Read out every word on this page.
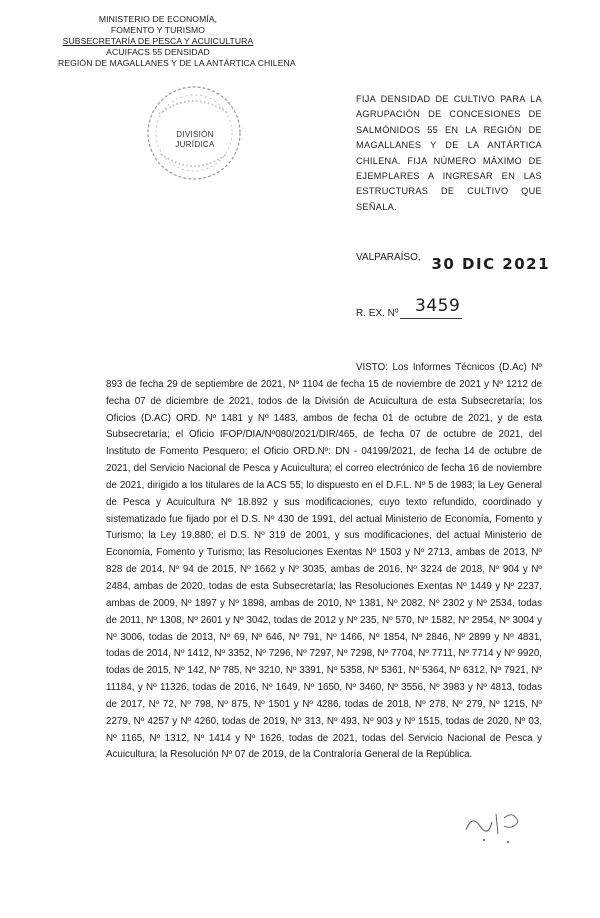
MINISTERIO DE ECONOMÍA,
FOMENTO Y TURISMO
SUBSECRETARÍA DE PESCA Y ACUICULTURA
ACUIFACS 55 DENSIDAD
REGIÓN DE MAGALLANES Y DE LA ANTÁRTICA CHILENA
DIVISIÓN
JURÍDICA
FIJA DENSIDAD DE CULTIVO PARA LA AGRUPACIÓN DE CONCESIONES DE SALMÓNIDOS 55 EN LA REGIÓN DE MAGALLANES Y DE LA ANTÁRTICA CHILENA. FIJA NÚMERO MÁXIMO DE EJEMPLARES A INGRESAR EN LAS ESTRUCTURAS DE CULTIVO QUE SEÑALA.
VALPARAÍSO, 30 DIC 2021
R. EX. Nº 3459

VISTO: Los Informes Técnicos (D.Ac) Nº 893 de fecha 29 de septiembre de 2021, Nº 1104 de fecha 15 de noviembre de 2021 y Nº 1212 de fecha 07 de diciembre de 2021, todos de la División de Acuicultura de esta Subsecretaría; los Oficios (D.AC) ORD. Nº 1481 y Nº 1483, ambos de fecha 01 de octubre de 2021, y de esta Subsecretaría; el Oficio IFOP/DIA/Nº080/2021/DIR/465, de fecha 07 de octubre de 2021, del Instituto de Fomento Pesquero; el Oficio ORD.Nº: DN - 04199/2021, de fecha 14 de octubre de 2021, del Servicio Nacional de Pesca y Acuicultura; el correo electrónico de fecha 16 de noviembre de 2021, dirigido a los titulares de la ACS 55; lo dispuesto en el D.F.L. Nº 5 de 1983; la Ley General de Pesca y Acuicultura Nº 18.892 y sus modificaciones, cuyo texto refundido, coordinado y sistematizado fue fijado por el D.S. Nº 430 de 1991, del actual Ministerio de Economía, Fomento y Turismo; la Ley 19.880; el D.S. Nº 319 de 2001, y sus modificaciones, del actual Ministerio de Economía, Fomento y Turismo; las Resoluciones Exentas Nº 1503 y Nº 2713, ambas de 2013, Nº 828 de 2014, Nº 94 de 2015, Nº 1662 y Nº 3035, ambas de 2016, Nº 3224 de 2018, Nº 904 y Nº 2484, ambas de 2020, todas de esta Subsecretaría; las Resoluciones Exentas Nº 1449 y Nº 2237, ambas de 2009, Nº 1897 y Nº 1898, ambas de 2010, Nº 1381, Nº 2082, Nº 2302 y Nº 2534, todas de 2011, Nº 1308, Nº 2601 y Nº 3042, todas de 2012 y Nº 235, Nº 570, Nº 1582, Nº 2954, Nº 3004 y Nº 3006, todas de 2013, Nº 69, Nº 646, Nº 791, Nº 1466, Nº 1854, Nº 2846, Nº 2899 y Nº 4831, todas de 2014, Nº 1412, Nº 3352, Nº 7296, Nº 7297, Nº 7298, Nº 7704, Nº 7711, Nº 7714 y Nº 9920, todas de 2015, Nº 142, Nº 785, Nº 3210, Nº 3391, Nº 5358, Nº 5361, Nº 5364, Nº 6312, Nº 7921, Nº 11184, y Nº 11326, todas de 2016, Nº 1649, Nº 1650, Nº 3460, Nº 3556, Nº 3983 y Nº 4813, todas de 2017, Nº 72, Nº 798, Nº 875, Nº 1501 y Nº 4286, todas de 2018, Nº 278, Nº 279, Nº 1215, Nº 2279, Nº 4257 y Nº 4260, todas de 2019, Nº 313, Nº 493, Nº 903 y Nº 1515, todas de 2020, Nº 03, Nº 1165, Nº 1312, Nº 1414 y Nº 1626, todas de 2021, todas del Servicio Nacional de Pesca y Acuicultura; la Resolución Nº 07 de 2019, de la Contraloría General de la República.
